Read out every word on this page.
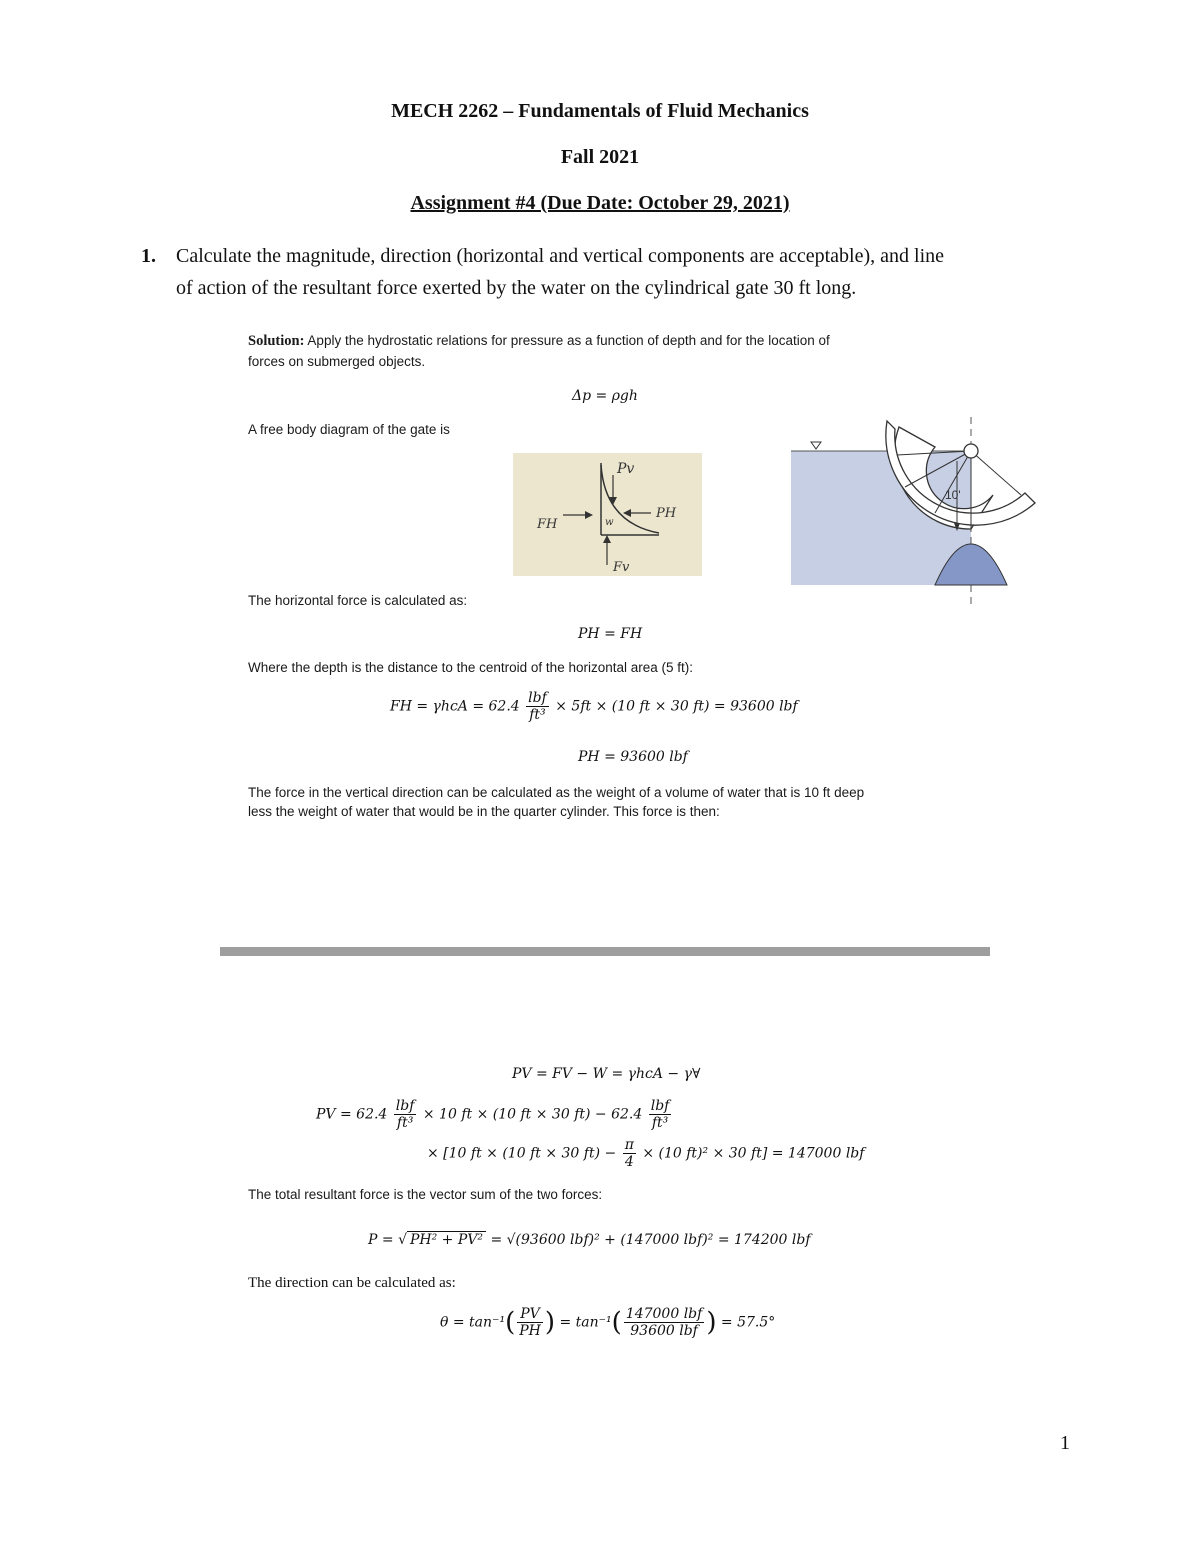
MECH 2262 – Fundamentals of Fluid Mechanics
Fall 2021
Assignment #4 (Due Date: October 29, 2021)
1. Calculate the magnitude, direction (horizontal and vertical components are acceptable), and line
of action of the resultant force exerted by the water on the cylindrical gate 30 ft long.
Solution: Apply the hydrostatic relations for pressure as a function of depth and for the location of
forces on submerged objects.
Δp = ρgh
A free body diagram of the gate is
Pv
PH
FH
Fv
w
10'
The horizontal force is calculated as:
PH = FH
Where the depth is the distance to the centroid of the horizontal area (5 ft):
FH = $\gamma hcA = 62.4 \frac{\text{lbf}}{\text{ft³}} \times 5ft \times (10$ ft × 30 ft) = 93600 lbf
PH = 93600 lbf
The force in the vertical direction can be calculated as the weight of a volume of water that is 10 ft deep
less the weight of water that would be in the quarter cylinder. This force is then:
PV = FV − W = γhcA − γ∀
PV = $62.4 \frac{\text{lbf}}{\text{ft³}} \times 10$ ft × (10 ft × 30 $ft) - 62.4 \frac{\text{lbf}}{\text{ft³}}$
× [10 ft × (10 ft × 30 $ft) - \frac{\pi}{4} \times (10$ ft)² × 30 ft] = 147000 lbf
The total resultant force is the vector sum of the two forces:
P = √ PH² + PV² = √(93600 lbf)² + (147000 lbf)² = 174200 lbf
The direction can be calculated as:
$\theta = \tan^{-1}( \frac{PV}{PH}$ ) = $\tan^{-1}( \frac{\text{147000 lbf}}{\text{93600 lbf}}$ ) = 57.5°
1
